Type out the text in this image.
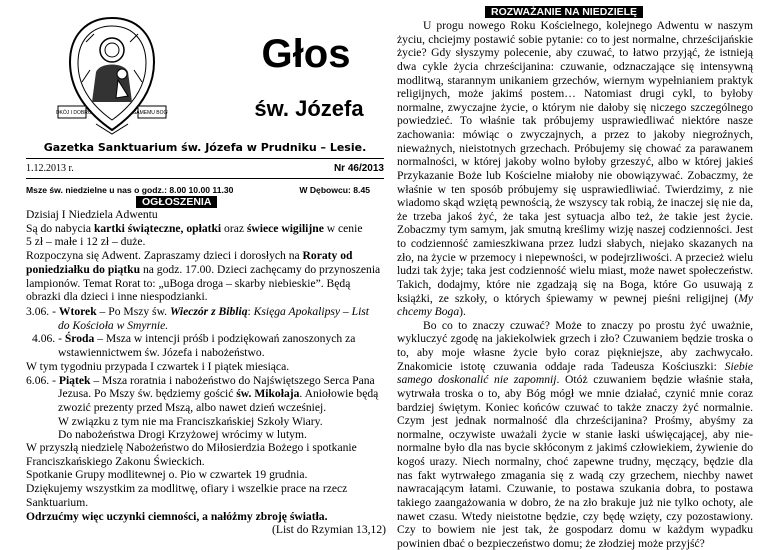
POKÓJ I DOBRO	SAMEMU BOGU
Głos
św. Józefa
Gazetka Sanktuarium św. Józefa w Prudniku – Lesie.
1.12.2013 r.	Nr 46/2013
Msze św. niedzielne u nas o godz.: 8.00 10.00 11.30	W Dębowcu: 8.45
OGŁOSZENIA

Dzisiaj I Niedziela Adwentu

Są do nabycia kartki świąteczne, opłatki oraz świece wigilijne w cenie

5 zł – małe i 12 zł – duże.

Rozpoczyna się Adwent. Zapraszamy dzieci i dorosłych na Roraty od

poniedziałku do piątku na godz. 17.00. Dzieci zachęcamy do przynoszenia

lampionów. Temat Rorat to: „uBoga droga – skarby niebieskie”. Będą

obrazki dla dzieci i inne niespodzianki.

3.06. - Wtorek – Po Mszy św. Wieczór z Biblią: Księga Apokalipsy – List

do Kościoła w Smyrnie.

4.06. - Środa – Msza w intencji próśb i podziękowań zanoszonych za

wstawiennictwem św. Józefa i nabożeństwo.

W tym tygodniu przypada I czwartek i I piątek miesiąca.

6.06. - Piątek – Msza roratnia i nabożeństwo do Najświętszego Serca Pana

Jezusa. Po Mszy św. będziemy gościć św. Mikołaja. Aniołowie będą

zwozić prezenty przed Mszą, albo nawet dzień wcześniej.

W związku z tym nie ma Franciszkańskiej Szkoły Wiary.

Do nabożeństwa Drogi Krzyżowej wrócimy w lutym.

W przyszłą niedzielę Nabożeństwo do Miłosierdzia Bożego i spotkanie

Franciszkańskiego Zakonu Świeckich.

Spotkanie Grupy modlitewnej o. Pio w czwartek 19 grudnia.

Dziękujemy wszystkim za modlitwę, ofiary i wszelkie prace na rzecz

Sanktuarium.

Odrzućmy więc uczynki ciemności, a nałóżmy zbroję światła.

(List do Rzymian 13,12)

ROZWAŻANIE NA NIEDZIELĘ

U progu nowego Roku Kościelnego, kolejnego Adwentu w naszym życiu, chciejmy postawić sobie pytanie: co to jest normalne, chrześcijańskie życie? Gdy słyszymy polecenie, aby czuwać, to łatwo przyjąć, że istnieją dwa cykle życia chrześcijanina: czuwanie, odznaczające się intensywną modlitwą, starannym unikaniem grzechów, wiernym wypełnianiem praktyk religijnych, może jakimś postem… Natomiast drugi cykl, to byłoby normalne, zwyczajne życie, o którym nie dałoby się niczego szczególnego powiedzieć. To właśnie tak próbujemy usprawiedliwać niektóre nasze zachowania: mówiąc o zwyczajnych, a przez to jakoby niegroźnych, nieważnych, nieistotnych grzechach. Próbujemy się chować za parawanem normalności, w której jakoby wolno byłoby grzeszyć, albo w której jakieś Przykazanie Boże lub Kościelne miałoby nie obowiązywać. Zobaczmy, że właśnie w ten sposób próbujemy się usprawiedliwiać. Twierdzimy, z nie wiadomo skąd wziętą pewnością, że wszyscy tak robią, że inaczej się nie da, że trzeba jakoś żyć, że taka jest sytuacja albo też, że takie jest życie. Zobaczmy tym samym, jak smutną kreślimy wizję naszej codzienności. Jest to codzienność zamieszkiwana przez ludzi słabych, niejako skazanych na zło, na życie w przemocy i niepewności, w podejrzliwości. A przecież wielu ludzi tak żyje; taka jest codzienność wielu miast, może nawet społeczeństw. Takich, dodajmy, które nie zgadzają się na Boga, które Go usuwają z książki, ze szkoły, o których śpiewamy w pewnej pieśni religijnej (My chcemy Boga).

Bo co to znaczy czuwać? Może to znaczy po prostu żyć uważnie, wykluczyć zgodę na jakiekolwiek grzech i zło? Czuwaniem będzie troska o to, aby moje własne życie było coraz piękniejsze, aby zachwycało. Znakomicie istotę czuwania oddaje rada Tadeusza Kościuszki: Siebie samego doskonalić nie zapomnij. Otóż czuwaniem będzie właśnie stała, wytrwała troska o to, aby Bóg mógł we mnie działać, czynić mnie coraz bardziej świętym. Koniec końców czuwać to także znaczy żyć normalnie. Czym jest jednak normalność dla chrześcijanina? Prośmy, abyśmy za normalne, oczywiste uważali życie w stanie łaski uświęcającej, aby nie-normalne było dla nas bycie skłóconym z jakimś człowiekiem, żywienie do kogoś urazy. Niech normalny, choć zapewne trudny, męczący, będzie dla nas fakt wytrwałego zmagania się z wadą czy grzechem, niechby nawet nawracającym łatami. Czuwanie, to postawa szukania dobra, to postawa takiego zaangażowania w dobro, że na zło brakuje już nie tylko ochoty, ale nawet czasu. Wtedy nieistotne będzie, czy będę wzięty, czy pozostawiony. Czy to bowiem nie jest tak, że gospodarz domu w każdym wypadku powinien dbać o bezpieczeństwo domu; że złodziej może przyjść?
